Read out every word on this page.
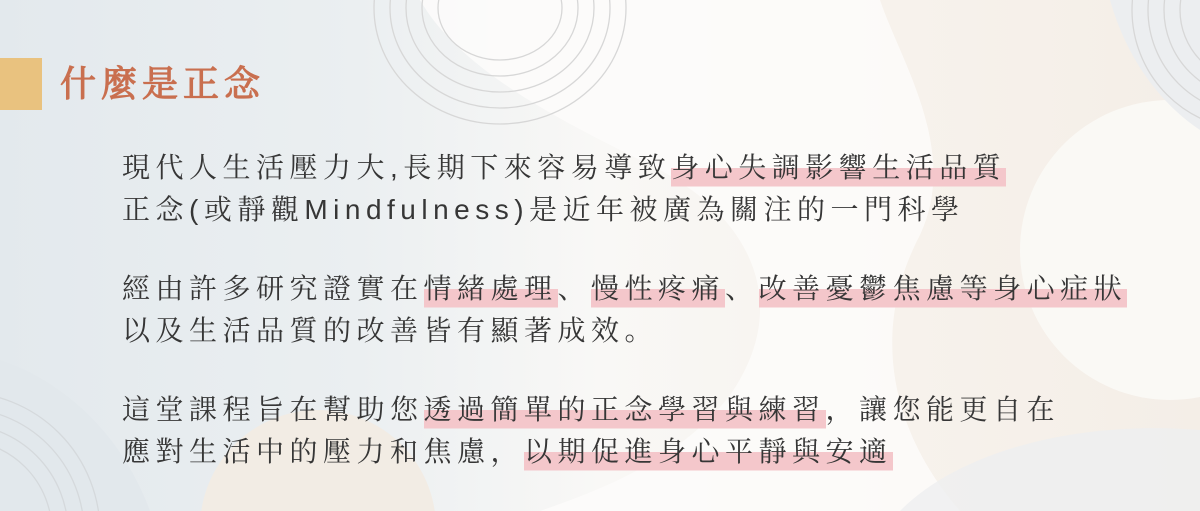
什麼是正念
現代人生活壓力大,長期下來容易導致 身心失調影響生活品質
正念(或靜觀Mindfulness)是近年被廣為關注的一門科學
經由許多研究證實在 情緒處理 、 慢性疼痛 、 改善憂鬱焦慮等身心症狀
以及生活品質的改善皆有顯著成效。
這堂課程旨在幫助您 透過簡單的正念學習與練習 ，讓您能更自在
應對生活中的壓力和焦慮， 以期促進身心平靜與安適
